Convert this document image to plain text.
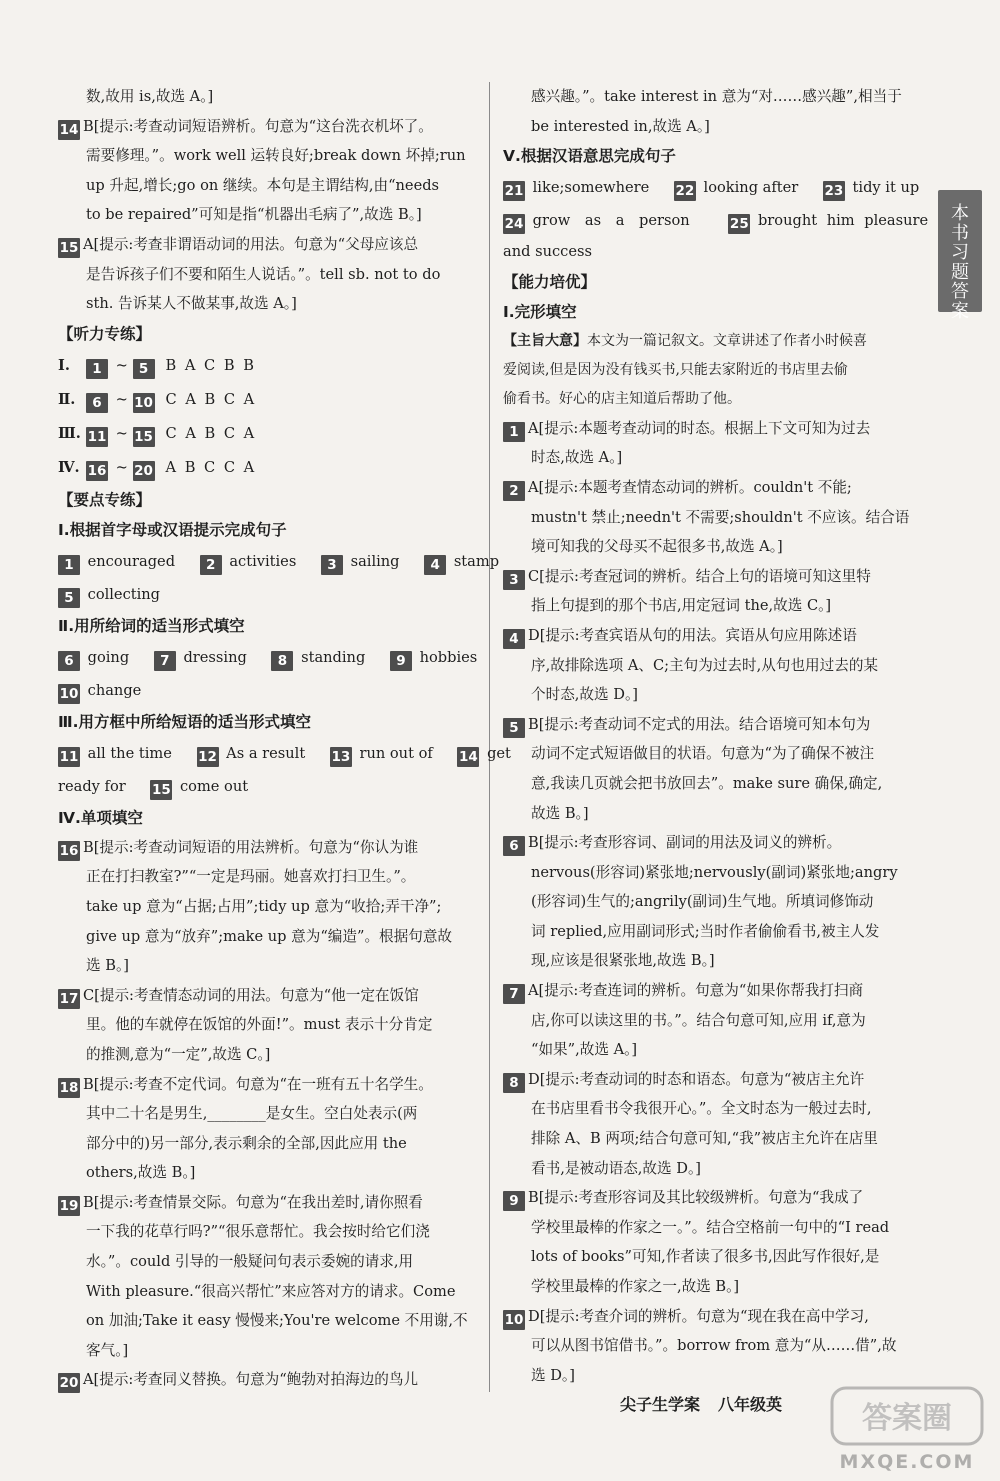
数,故用 is,故选 A。]
14 B[提示:考查动词短语辨析。句意为“这台洗衣机坏了。
需要修理。”。work well 运转良好;break down 坏掉;run
up 升起,增长;go on 继续。本句是主谓结构,由“needs
to be repaired”可知是指“机器出毛病了”,故选 B。]
15 A[提示:考查非谓语动词的用法。句意为“父母应该总
是告诉孩子们不要和陌生人说话。”。tell sb. not to do
sth. 告诉某人不做某事,故选 A。]
【听力专练】
Ⅰ. 1 ~ 5 B A C B B
Ⅱ. 6 ~ 10 C A B C A
Ⅲ. 11 ~ 15 C A B C A
Ⅳ. 16 ~ 20 A B C C A
【要点专练】
Ⅰ.根据首字母或汉语提示完成句子
1 encouraged 2 activities 3 sailing 4 stamp
5 collecting
Ⅱ.用所给词的适当形式填空
6 going 7 dressing 8 standing 9 hobbies
10 change
Ⅲ.用方框中所给短语的适当形式填空
11 all the time 12 As a result 13 run out of 14 get
ready for 15 come out
Ⅳ.单项填空
16 B[提示:考查动词短语的用法辨析。句意为“你认为谁
正在打扫教室?”“一定是玛丽。她喜欢打扫卫生。”。
take up 意为“占据;占用”;tidy up 意为“收拾;弄干净”;
give up 意为“放弃”;make up 意为“编造”。根据句意故
选 B。]
17 C[提示:考查情态动词的用法。句意为“他一定在饭馆
里。他的车就停在饭馆的外面!”。must 表示十分肯定
的推测,意为“一定”,故选 C。]
18 B[提示:考查不定代词。句意为“在一班有五十名学生。
其中二十名是男生,________是女生。空白处表示(两
部分中的)另一部分,表示剩余的全部,因此应用 the
others,故选 B。]
19 B[提示:考查情景交际。句意为“在我出差时,请你照看
一下我的花草行吗?”“很乐意帮忙。我会按时给它们浇
水。”。could 引导的一般疑问句表示委婉的请求,用
With pleasure.“很高兴帮忙”来应答对方的请求。Come
on 加油;Take it easy 慢慢来;You're welcome 不用谢,不
客气。]
20 A[提示:考查同义替换。句意为“鲍勃对拍海边的鸟儿
感兴趣。”。take interest in 意为“对……感兴趣”,相当于
be interested in,故选 A。]
Ⅴ.根据汉语意思完成句子
21 like;somewhere 22 looking after 23 tidy it up
24 grow as a person	25 brought him pleasure
and success
【能力培优】
Ⅰ.完形填空
【主旨大意】本文为一篇记叙文。文章讲述了作者小时候喜
爱阅读,但是因为没有钱买书,只能去家附近的书店里去偷
偷看书。好心的店主知道后帮助了他。
1 A[提示:本题考查动词的时态。根据上下文可知为过去
时态,故选 A。]
2 A[提示:本题考查情态动词的辨析。couldn't 不能;
mustn't 禁止;needn't 不需要;shouldn't 不应该。结合语
境可知我的父母买不起很多书,故选 A。]
3 C[提示:考查冠词的辨析。结合上句的语境可知这里特
指上句提到的那个书店,用定冠词 the,故选 C。]
4 D[提示:考查宾语从句的用法。宾语从句应用陈述语
序,故排除选项 A、C;主句为过去时,从句也用过去的某
个时态,故选 D。]
5 B[提示:考查动词不定式的用法。结合语境可知本句为
动词不定式短语做目的状语。句意为“为了确保不被注
意,我读几页就会把书放回去”。make sure 确保,确定,
故选 B。]
6 B[提示:考查形容词、副词的用法及词义的辨析。
nervous(形容词)紧张地;nervously(副词)紧张地;angry
(形容词)生气的;angrily(副词)生气地。所填词修饰动
词 replied,应用副词形式;当时作者偷偷看书,被主人发
现,应该是很紧张地,故选 B。]
7 A[提示:考查连词的辨析。句意为“如果你帮我打扫商
店,你可以读这里的书。”。结合句意可知,应用 if,意为
“如果”,故选 A。]
8 D[提示:考查动词的时态和语态。句意为“被店主允许
在书店里看书令我很开心。”。全文时态为一般过去时,
排除 A、B 两项;结合句意可知,“我”被店主允许在店里
看书,是被动语态,故选 D。]
9 B[提示:考查形容词及其比较级辨析。句意为“我成了
学校里最棒的作家之一。”。结合空格前一句中的“I read
lots of books”可知,作者读了很多书,因此写作很好,是
学校里最棒的作家之一,故选 B。]
10 D[提示:考查介词的辨析。句意为“现在我在高中学习,
可以从图书馆借书。”。borrow from 意为“从……借”,故
选 D。]
本
书
习
题
答
案
尖子生学案 八年级英	答案圈
MXQE.COM
